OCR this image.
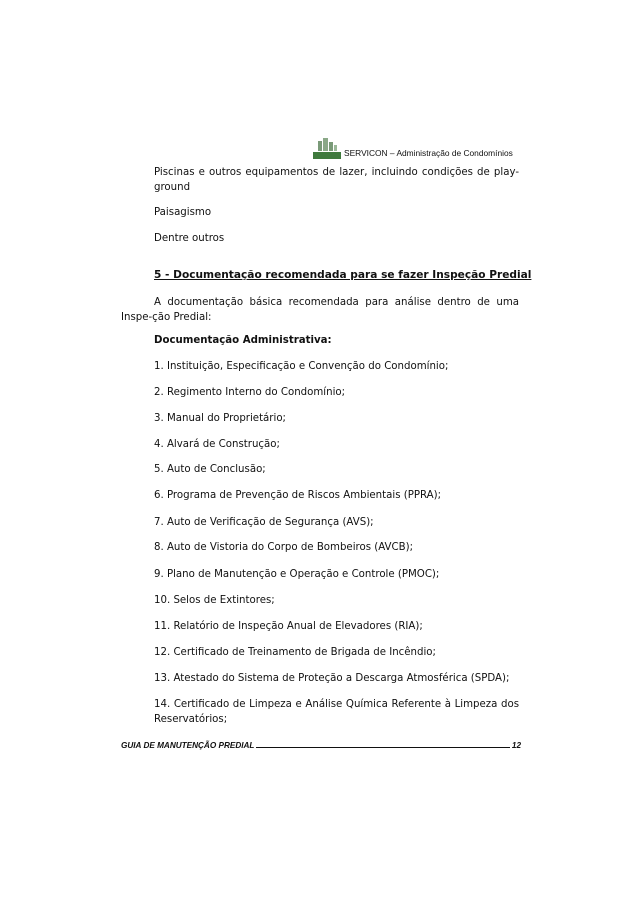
SERVICON – Administração de Condomínios

Piscinas e outros equipamentos de lazer, incluindo condições de play-ground

Paisagismo

Dentre outros

5 - Documentação recomendada para se fazer Inspeção Predial

A documentação básica recomendada para análise dentro de uma Inspe-ção Predial:

Documentação Administrativa:

1. Instituição, Especificação e Convenção do Condomínio;

2. Regimento Interno do Condomínio;

3. Manual do Proprietário;

4. Alvará de Construção;

5. Auto de Conclusão;

6. Programa de Prevenção de Riscos Ambientais (PPRA);

7. Auto de Verificação de Segurança (AVS);

8. Auto de Vistoria do Corpo de Bombeiros (AVCB);

9. Plano de Manutenção e Operação e Controle (PMOC);

10. Selos de Extintores;

11. Relatório de Inspeção Anual de Elevadores (RIA);

12. Certificado de Treinamento de Brigada de Incêndio;

13. Atestado do Sistema de Proteção a Descarga Atmosférica (SPDA);

14. Certificado de Limpeza e Análise Química Referente à Limpeza dos Reservatórios;

GUIA DE MANUTENÇÃO PREDIAL	12
